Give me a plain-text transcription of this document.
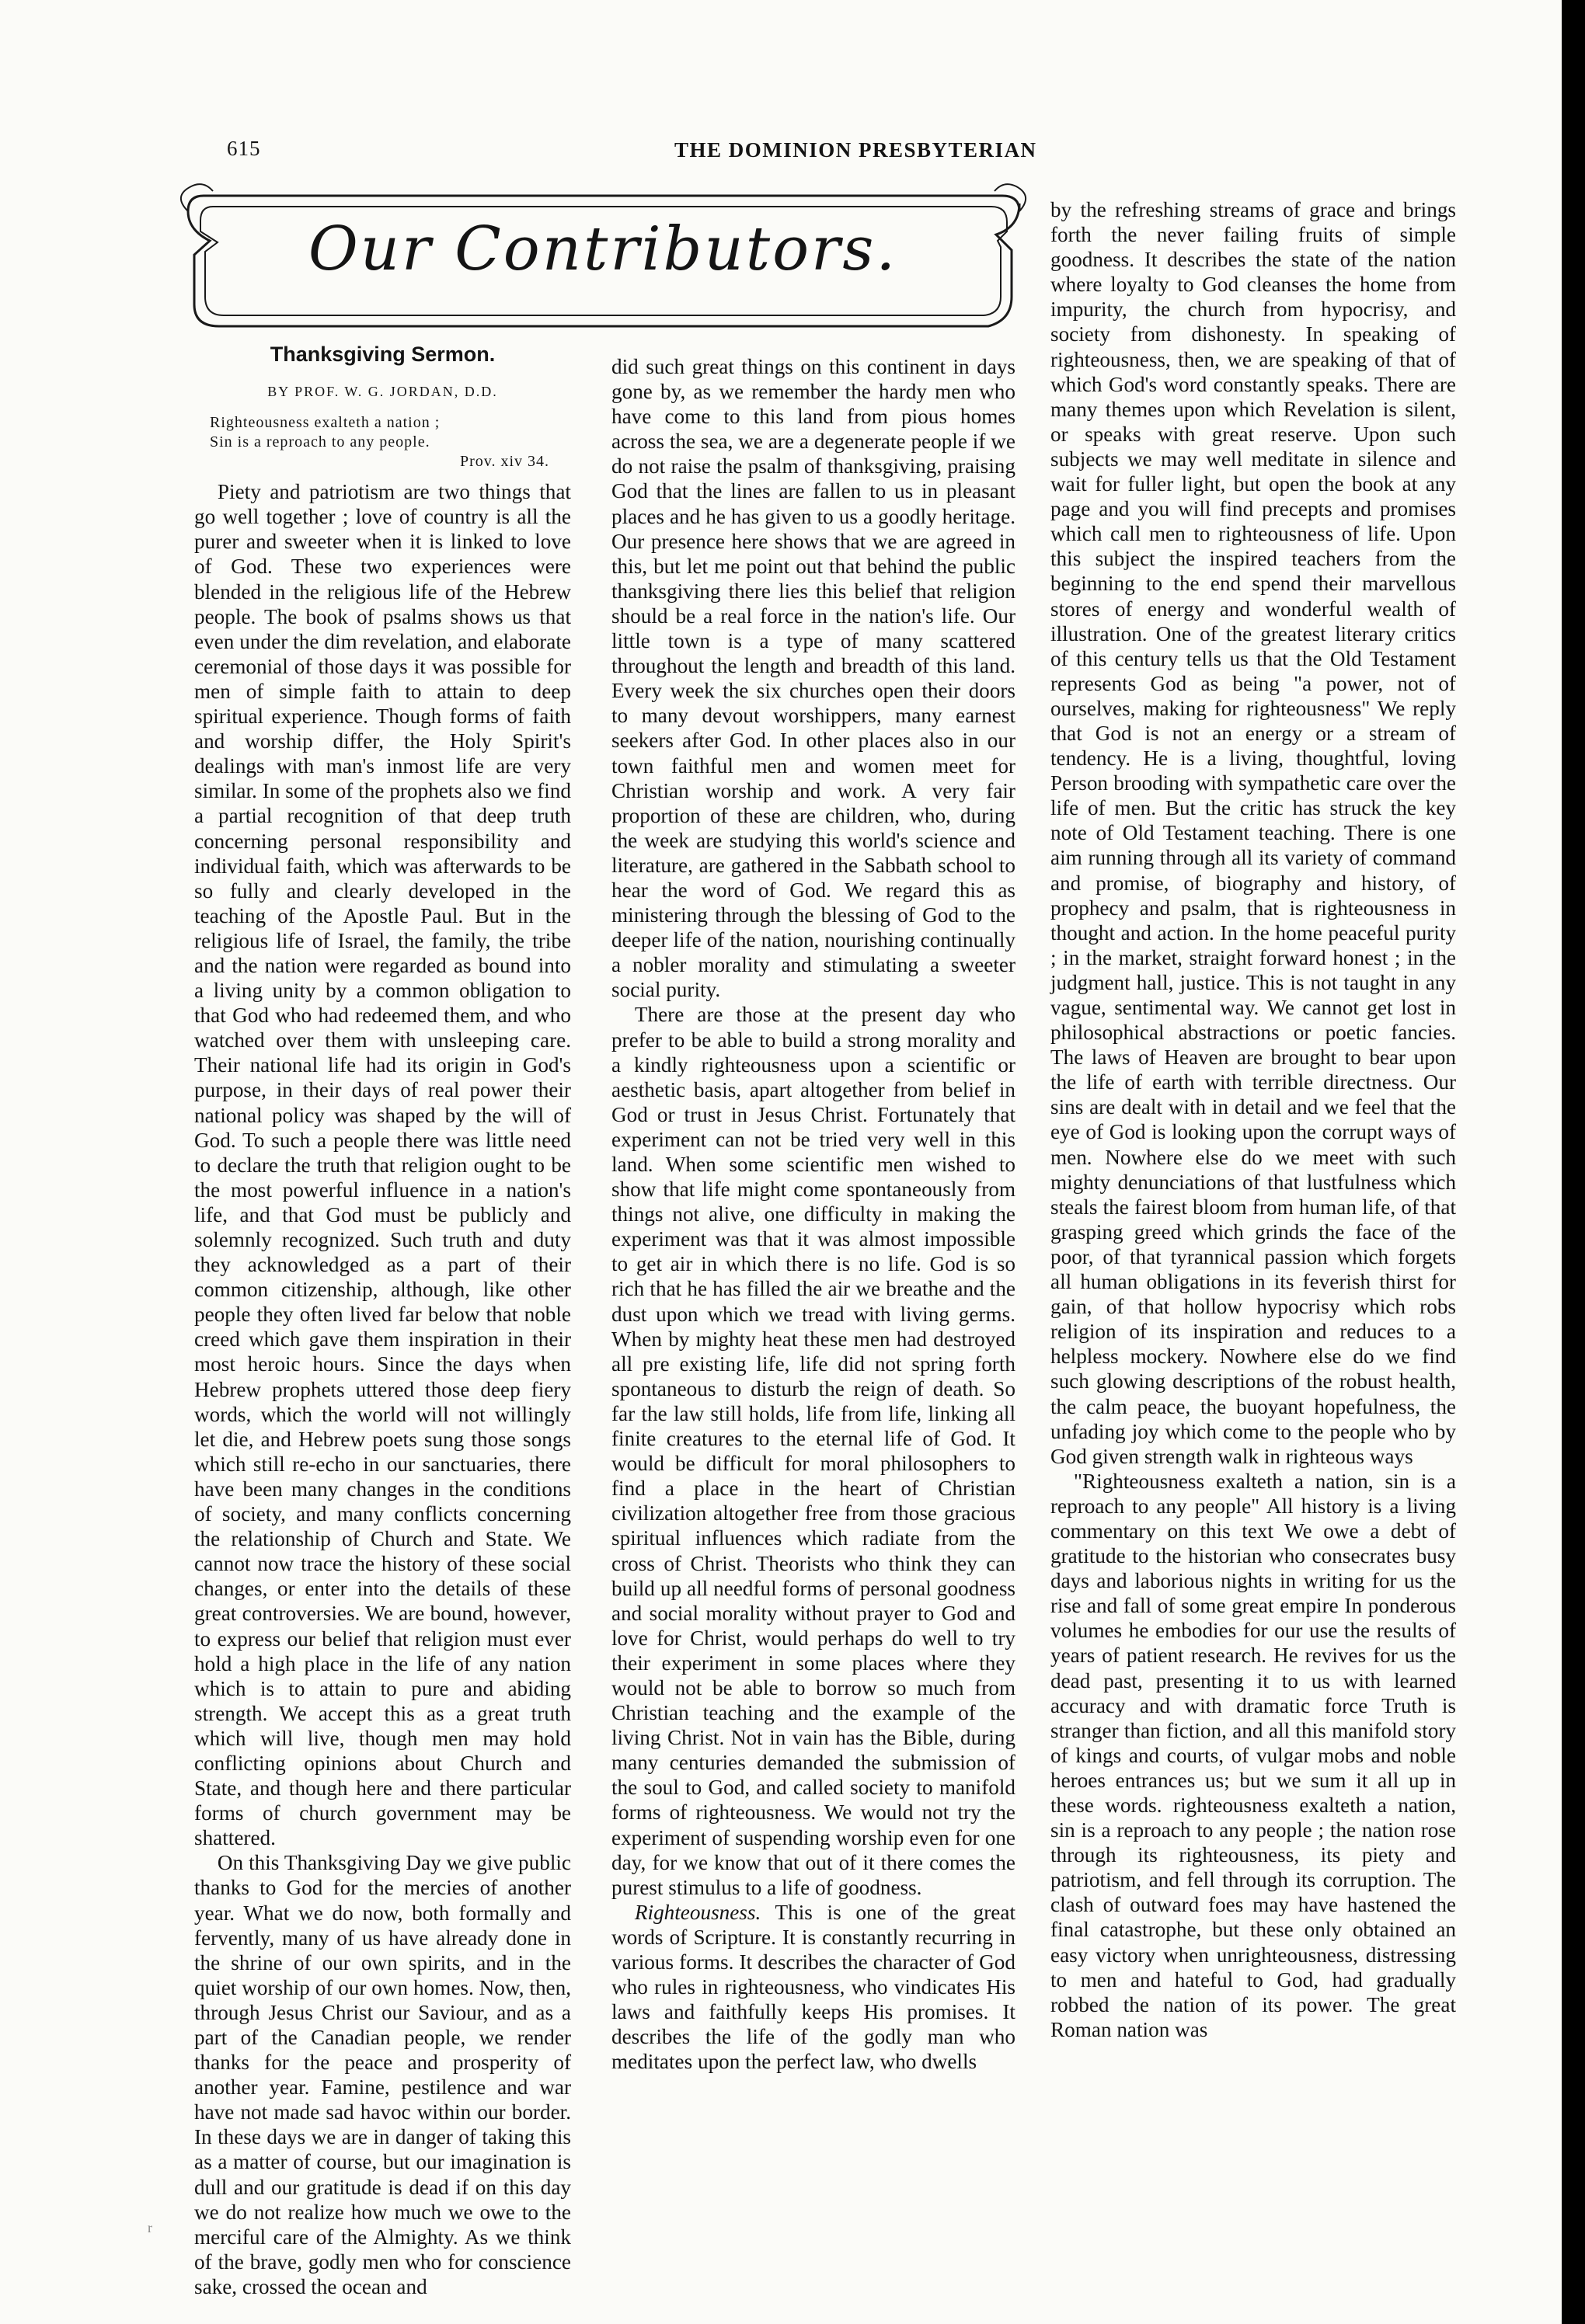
615	THE DOMINION PRESBYTERIAN
Our Contributors.
Thanksgiving Sermon.
BY PROF. W. G. JORDAN, D.D.
Righteousness exalteth a nation ;
Sin is a reproach to any people.
Prov. xiv 34.

Piety and patriotism are two things that go well together ; love of country is all the purer and sweeter when it is linked to love of God. These two experiences were blended in the religious life of the Hebrew people. The book of psalms shows us that even under the dim revelation, and elaborate ceremonial of those days it was possible for men of simple faith to attain to deep spiritual experience. Though forms of faith and worship differ, the Holy Spirit's dealings with man's inmost life are very similar. In some of the prophets also we find a partial recognition of that deep truth concerning personal responsibility and individual faith, which was afterwards to be so fully and clearly developed in the teaching of the Apostle Paul. But in the religious life of Israel, the family, the tribe and the nation were regarded as bound into a living unity by a common obligation to that God who had redeemed them, and who watched over them with unsleeping care. Their national life had its origin in God's purpose, in their days of real power their national policy was shaped by the will of God. To such a people there was little need to declare the truth that religion ought to be the most powerful influence in a nation's life, and that God must be publicly and solemnly recognized. Such truth and duty they acknowledged as a part of their common citizenship, although, like other people they often lived far below that noble creed which gave them inspiration in their most heroic hours. Since the days when Hebrew prophets uttered those deep fiery words, which the world will not willingly let die, and Hebrew poets sung those songs which still re-echo in our sanctuaries, there have been many changes in the conditions of society, and many conflicts concerning the relationship of Church and State. We cannot now trace the history of these social changes, or enter into the details of these great controversies. We are bound, however, to express our belief that religion must ever hold a high place in the life of any nation which is to attain to pure and abiding strength. We accept this as a great truth which will live, though men may hold conflicting opinions about Church and State, and though here and there particular forms of church government may be shattered.

On this Thanksgiving Day we give public thanks to God for the mercies of another year. What we do now, both formally and fervently, many of us have already done in the shrine of our own spirits, and in the quiet worship of our own homes. Now, then, through Jesus Christ our Saviour, and as a part of the Canadian people, we render thanks for the peace and prosperity of another year. Famine, pestilence and war have not made sad havoc within our border. In these days we are in danger of taking this as a matter of course, but our imagination is dull and our gratitude is dead if on this day we do not realize how much we owe to the merciful care of the Almighty. As we think of the brave, godly men who for conscience sake, crossed the ocean and

did such great things on this continent in days gone by, as we remember the hardy men who have come to this land from pious homes across the sea, we are a degenerate people if we do not raise the psalm of thanksgiving, praising God that the lines are fallen to us in pleasant places and he has given to us a goodly heritage. Our presence here shows that we are agreed in this, but let me point out that behind the public thanksgiving there lies this belief that religion should be a real force in the nation's life. Our little town is a type of many scattered throughout the length and breadth of this land. Every week the six churches open their doors to many devout worshippers, many earnest seekers after God. In other places also in our town faithful men and women meet for Christian worship and work. A very fair proportion of these are children, who, during the week are studying this world's science and literature, are gathered in the Sabbath school to hear the word of God. We regard this as ministering through the blessing of God to the deeper life of the nation, nourishing continually a nobler morality and stimulating a sweeter social purity.

There are those at the present day who prefer to be able to build a strong morality and a kindly righteousness upon a scientific or aesthetic basis, apart altogether from belief in God or trust in Jesus Christ. Fortunately that experiment can not be tried very well in this land. When some scientific men wished to show that life might come spontaneously from things not alive, one difficulty in making the experiment was that it was almost impossible to get air in which there is no life. God is so rich that he has filled the air we breathe and the dust upon which we tread with living germs. When by mighty heat these men had destroyed all pre existing life, life did not spring forth spontaneous to disturb the reign of death. So far the law still holds, life from life, linking all finite creatures to the eternal life of God. It would be difficult for moral philosophers to find a place in the heart of Christian civilization altogether free from those gracious spiritual influences which radiate from the cross of Christ. Theorists who think they can build up all needful forms of personal goodness and social morality without prayer to God and love for Christ, would perhaps do well to try their experiment in some places where they would not be able to borrow so much from Christian teaching and the example of the living Christ. Not in vain has the Bible, during many centuries demanded the submission of the soul to God, and called society to manifold forms of righteousness. We would not try the experiment of suspending worship even for one day, for we know that out of it there comes the purest stimulus to a life of goodness.

Righteousness. This is one of the great words of Scripture. It is constantly recurring in various forms. It describes the character of God who rules in righteousness, who vindicates His laws and faithfully keeps His promises. It describes the life of the godly man who meditates upon the perfect law, who dwells

by the refreshing streams of grace and brings forth the never failing fruits of simple goodness. It describes the state of the nation where loyalty to God cleanses the home from impurity, the church from hypocrisy, and society from dishonesty. In speaking of righteousness, then, we are speaking of that of which God's word constantly speaks. There are many themes upon which Revelation is silent, or speaks with great reserve. Upon such subjects we may well meditate in silence and wait for fuller light, but open the book at any page and you will find precepts and promises which call men to righteousness of life. Upon this subject the inspired teachers from the beginning to the end spend their marvellous stores of energy and wonderful wealth of illustration. One of the greatest literary critics of this century tells us that the Old Testament represents God as being "a power, not of ourselves, making for righteousness" We reply that God is not an energy or a stream of tendency. He is a living, thoughtful, loving Person brooding with sympathetic care over the life of men. But the critic has struck the key note of Old Testament teaching. There is one aim running through all its variety of command and promise, of biography and history, of prophecy and psalm, that is righteousness in thought and action. In the home peaceful purity ; in the market, straight forward honest ; in the judgment hall, justice. This is not taught in any vague, sentimental way. We cannot get lost in philosophical abstractions or poetic fancies. The laws of Heaven are brought to bear upon the life of earth with terrible directness. Our sins are dealt with in detail and we feel that the eye of God is looking upon the corrupt ways of men. Nowhere else do we meet with such mighty denunciations of that lustfulness which steals the fairest bloom from human life, of that grasping greed which grinds the face of the poor, of that tyrannical passion which forgets all human obligations in its feverish thirst for gain, of that hollow hypocrisy which robs religion of its inspiration and reduces to a helpless mockery. Nowhere else do we find such glowing descriptions of the robust health, the calm peace, the buoyant hopefulness, the unfading joy which come to the people who by God given strength walk in righteous ways

"Righteousness exalteth a nation, sin is a reproach to any people" All history is a living commentary on this text We owe a debt of gratitude to the historian who consecrates busy days and laborious nights in writing for us the rise and fall of some great empire In ponderous volumes he embodies for our use the results of years of patient research. He revives for us the dead past, presenting it to us with learned accuracy and with dramatic force Truth is stranger than fiction, and all this manifold story of kings and courts, of vulgar mobs and noble heroes entrances us; but we sum it all up in these words. righteousness exalteth a nation, sin is a reproach to any people ; the nation rose through its righteousness, its piety and patriotism, and fell through its corruption. The clash of outward foes may have hastened the final catastrophe, but these only obtained an easy victory when unrighteousness, distressing to men and hateful to God, had gradually robbed the nation of its power. The great Roman nation was

r
